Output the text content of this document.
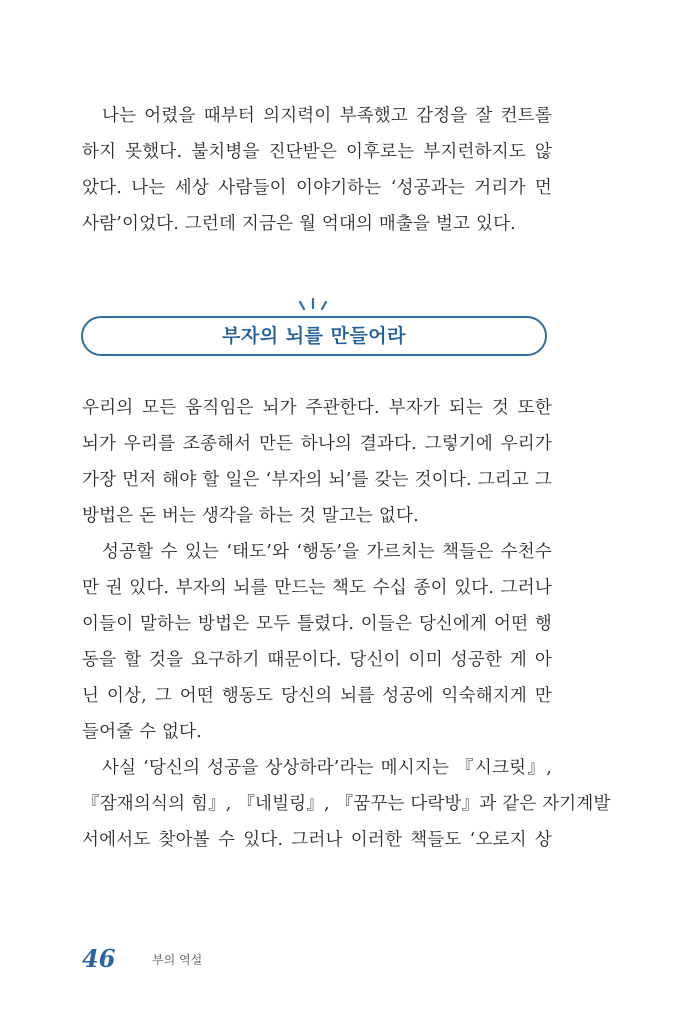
나는 어렸을 때부터 의지력이 부족했고 감정을 잘 컨트롤
하지 못했다. 불치병을 진단받은 이후로는 부지런하지도 않
았다. 나는 세상 사람들이 이야기하는 ‘성공과는 거리가 먼
사람’이었다. 그런데 지금은 월 억대의 매출을 벌고 있다.
부자의 뇌를 만들어라
우리의 모든 움직임은 뇌가 주관한다. 부자가 되는 것 또한
뇌가 우리를 조종해서 만든 하나의 결과다. 그렇기에 우리가
가장 먼저 해야 할 일은 ‘부자의 뇌’를 갖는 것이다. 그리고 그
방법은 돈 버는 생각을 하는 것 말고는 없다.
성공할 수 있는 ‘태도’와 ‘행동’을 가르치는 책들은 수천수
만 권 있다. 부자의 뇌를 만드는 책도 수십 종이 있다. 그러나
이들이 말하는 방법은 모두 틀렸다. 이들은 당신에게 어떤 행
동을 할 것을 요구하기 때문이다. 당신이 이미 성공한 게 아
닌 이상, 그 어떤 행동도 당신의 뇌를 성공에 익숙해지게 만
들어줄 수 없다.
사실 ‘당신의 성공을 상상하라’라는 메시지는 『시크릿』,
『잠재의식의 힘』, 『네빌링』, 『꿈꾸는 다락방』과 같은 자기계발
서에서도 찾아볼 수 있다. 그러나 이러한 책들도 ‘오로지 상
46	부의 역설
